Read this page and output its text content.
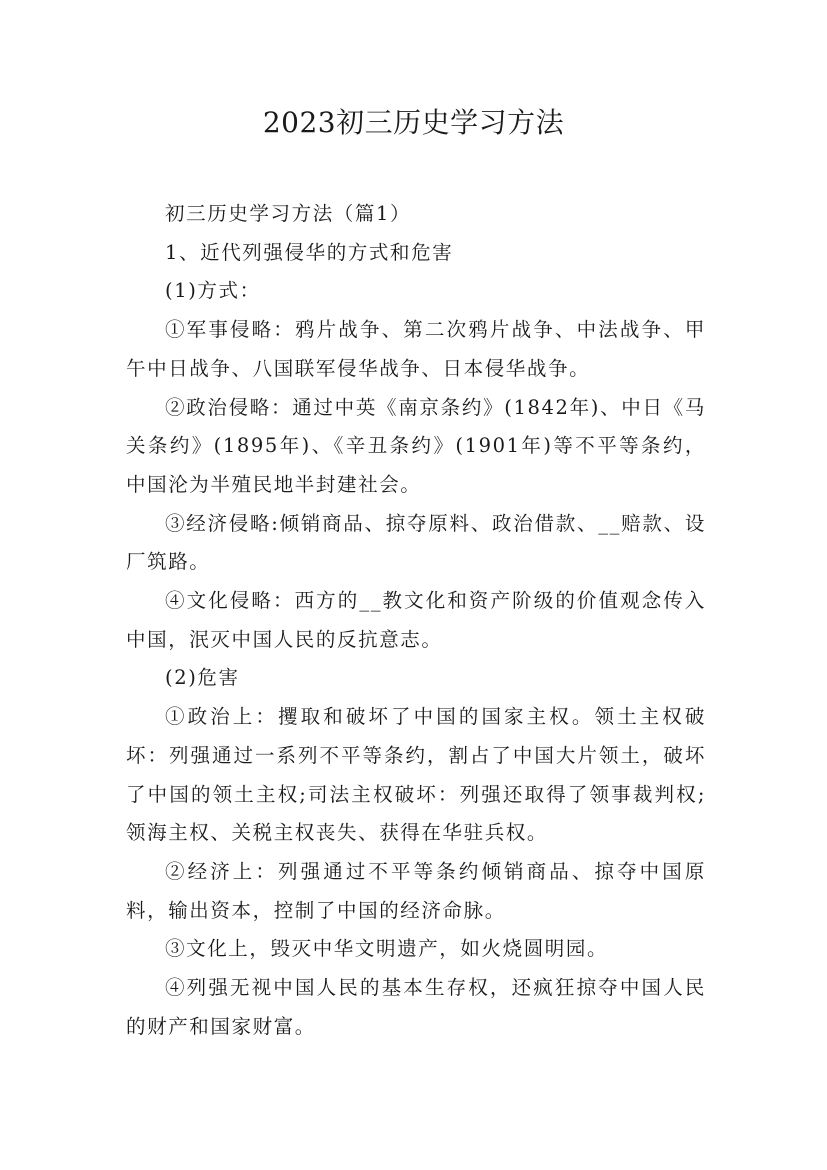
2023初三历史学习方法

初三历史学习方法（篇1）

1、近代列强侵华的方式和危害

(1)方式：

①军事侵略：鸦片战争、第二次鸦片战争、中法战争、甲午中日战争、八国联军侵华战争、日本侵华战争。

②政治侵略：通过中英《南京条约》(1842年)、中日《马关条约》(1895年)、《辛丑条约》(1901年)等不平等条约，中国沦为半殖民地半封建社会。

③经济侵略:倾销商品、掠夺原料、政治借款、__赔款、设厂筑路。

④文化侵略：西方的__教文化和资产阶级的价值观念传入中国，泯灭中国人民的反抗意志。

(2)危害

①政治上：攫取和破坏了中国的国家主权。领土主权破坏：列强通过一系列不平等条约，割占了中国大片领土，破坏了中国的领土主权;司法主权破坏：列强还取得了领事裁判权;领海主权、关税主权丧失、获得在华驻兵权。

②经济上：列强通过不平等条约倾销商品、掠夺中国原料，输出资本，控制了中国的经济命脉。

③文化上，毁灭中华文明遗产，如火烧圆明园。

④列强无视中国人民的基本生存权，还疯狂掠夺中国人民的财产和国家财富。
